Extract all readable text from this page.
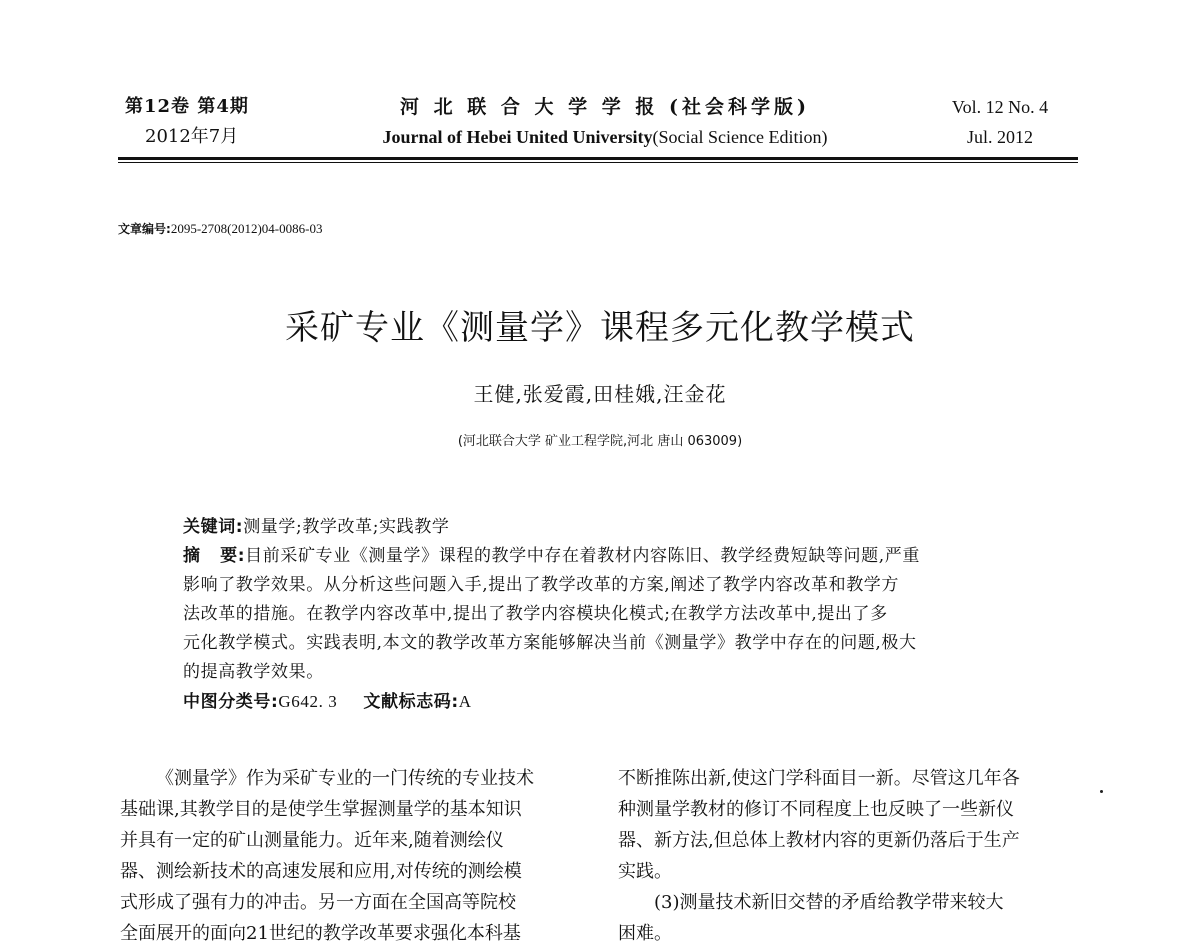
第12卷 第4期
2012年7月
河 北 联 合 大 学 学 报 (社会科学版)
Journal of Hebei United University(Social Science Edition)
Vol. 12 No. 4
Jul. 2012
文章编号:2095-2708(2012)04-0086-03
采矿专业《测量学》课程多元化教学模式
王健,张爱霞,田桂娥,汪金花
(河北联合大学 矿业工程学院,河北 唐山 063009)
关键词:测量学;教学改革;实践教学
摘   要:目前采矿专业《测量学》课程的教学中存在着教材内容陈旧、教学经费短缺等问题,严重
影响了教学效果。从分析这些问题入手,提出了教学改革的方案,阐述了教学内容改革和教学方
法改革的措施。在教学内容改革中,提出了教学内容模块化模式;在教学方法改革中,提出了多
元化教学模式。实践表明,本文的教学改革方案能够解决当前《测量学》教学中存在的问题,极大
的提高教学效果。
中图分类号:G642. 3 文献标志码:A
《测量学》作为采矿专业的一门传统的专业技术
基础课,其教学目的是使学生掌握测量学的基本知识
并具有一定的矿山测量能力。近年来,随着测绘仪
器、测绘新技术的高速发展和应用,对传统的测绘模
式形成了强有力的冲击。另一方面在全国高等院校
全面展开的面向21世纪的教学改革要求强化本科基
不断推陈出新,使这门学科面目一新。尽管这几年各
种测量学教材的修订不同程度上也反映了一些新仪
器、新方法,但总体上教材内容的更新仍落后于生产
实践。
(3)测量技术新旧交替的矛盾给教学带来较大
困难。
